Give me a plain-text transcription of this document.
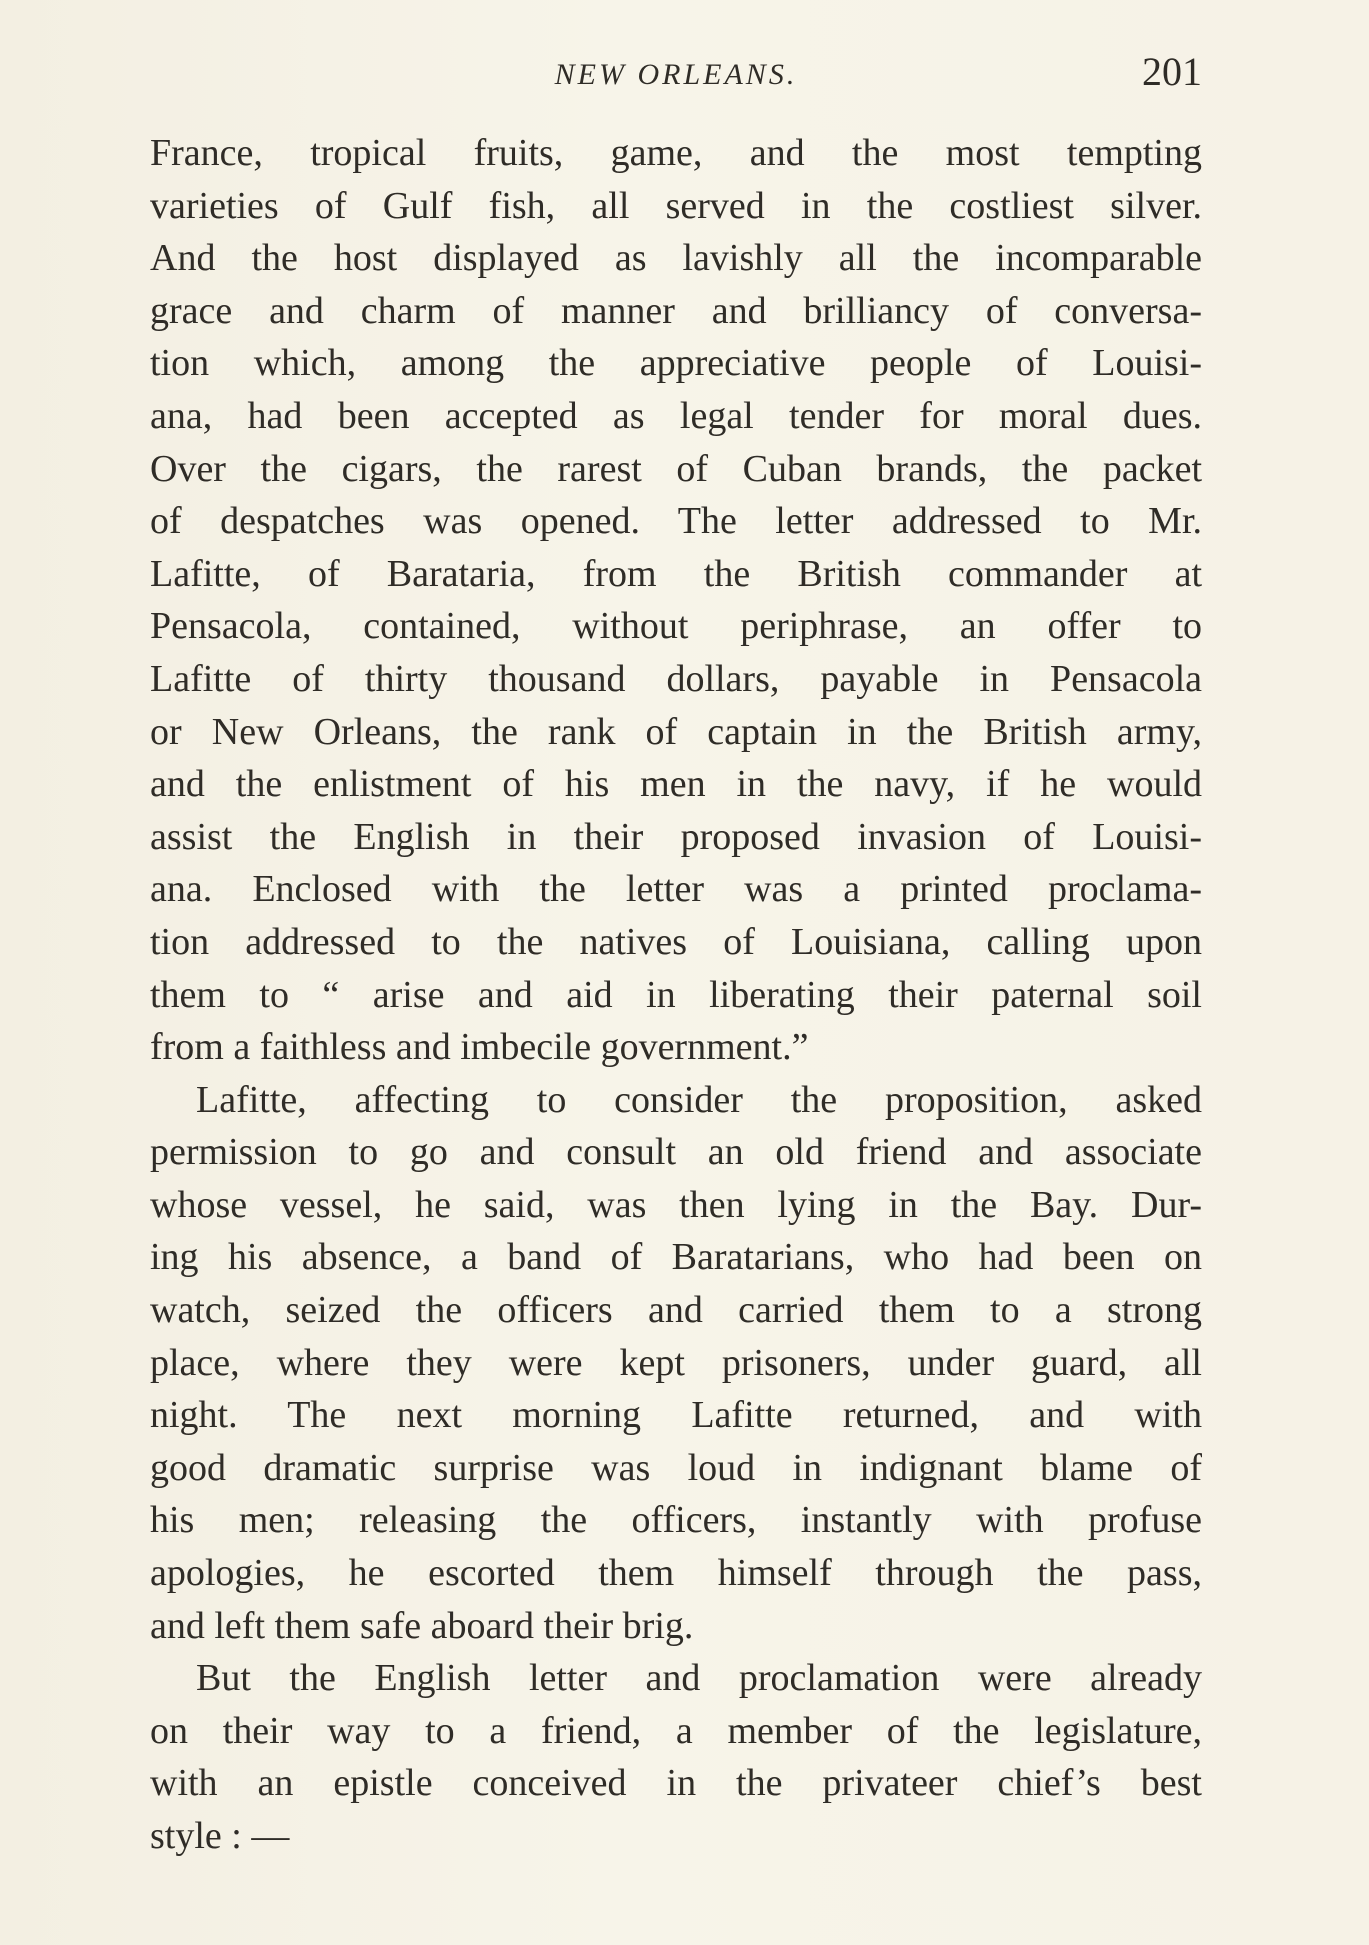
NEW ORLEANS.	201
France, tropical fruits, game, and the most tempting
varieties of Gulf fish, all served in the costliest silver.
And the host displayed as lavishly all the incomparable
grace and charm of manner and brilliancy of conversa-
tion which, among the appreciative people of Louisi-
ana, had been accepted as legal tender for moral dues.
Over the cigars, the rarest of Cuban brands, the packet
of despatches was opened. The letter addressed to Mr.
Lafitte, of Barataria, from the British commander at
Pensacola, contained, without periphrase, an offer to
Lafitte of thirty thousand dollars, payable in Pensacola
or New Orleans, the rank of captain in the British army,
and the enlistment of his men in the navy, if he would
assist the English in their proposed invasion of Louisi-
ana. Enclosed with the letter was a printed proclama-
tion addressed to the natives of Louisiana, calling upon
them to “ arise and aid in liberating their paternal soil
from a faithless and imbecile government.”
Lafitte, affecting to consider the proposition, asked
permission to go and consult an old friend and associate
whose vessel, he said, was then lying in the Bay. Dur-
ing his absence, a band of Baratarians, who had been on
watch, seized the officers and carried them to a strong
place, where they were kept prisoners, under guard, all
night. The next morning Lafitte returned, and with
good dramatic surprise was loud in indignant blame of
his men; releasing the officers, instantly with profuse
apologies, he escorted them himself through the pass,
and left them safe aboard their brig.
But the English letter and proclamation were already
on their way to a friend, a member of the legislature,
with an epistle conceived in the privateer chief’s best
style : —
